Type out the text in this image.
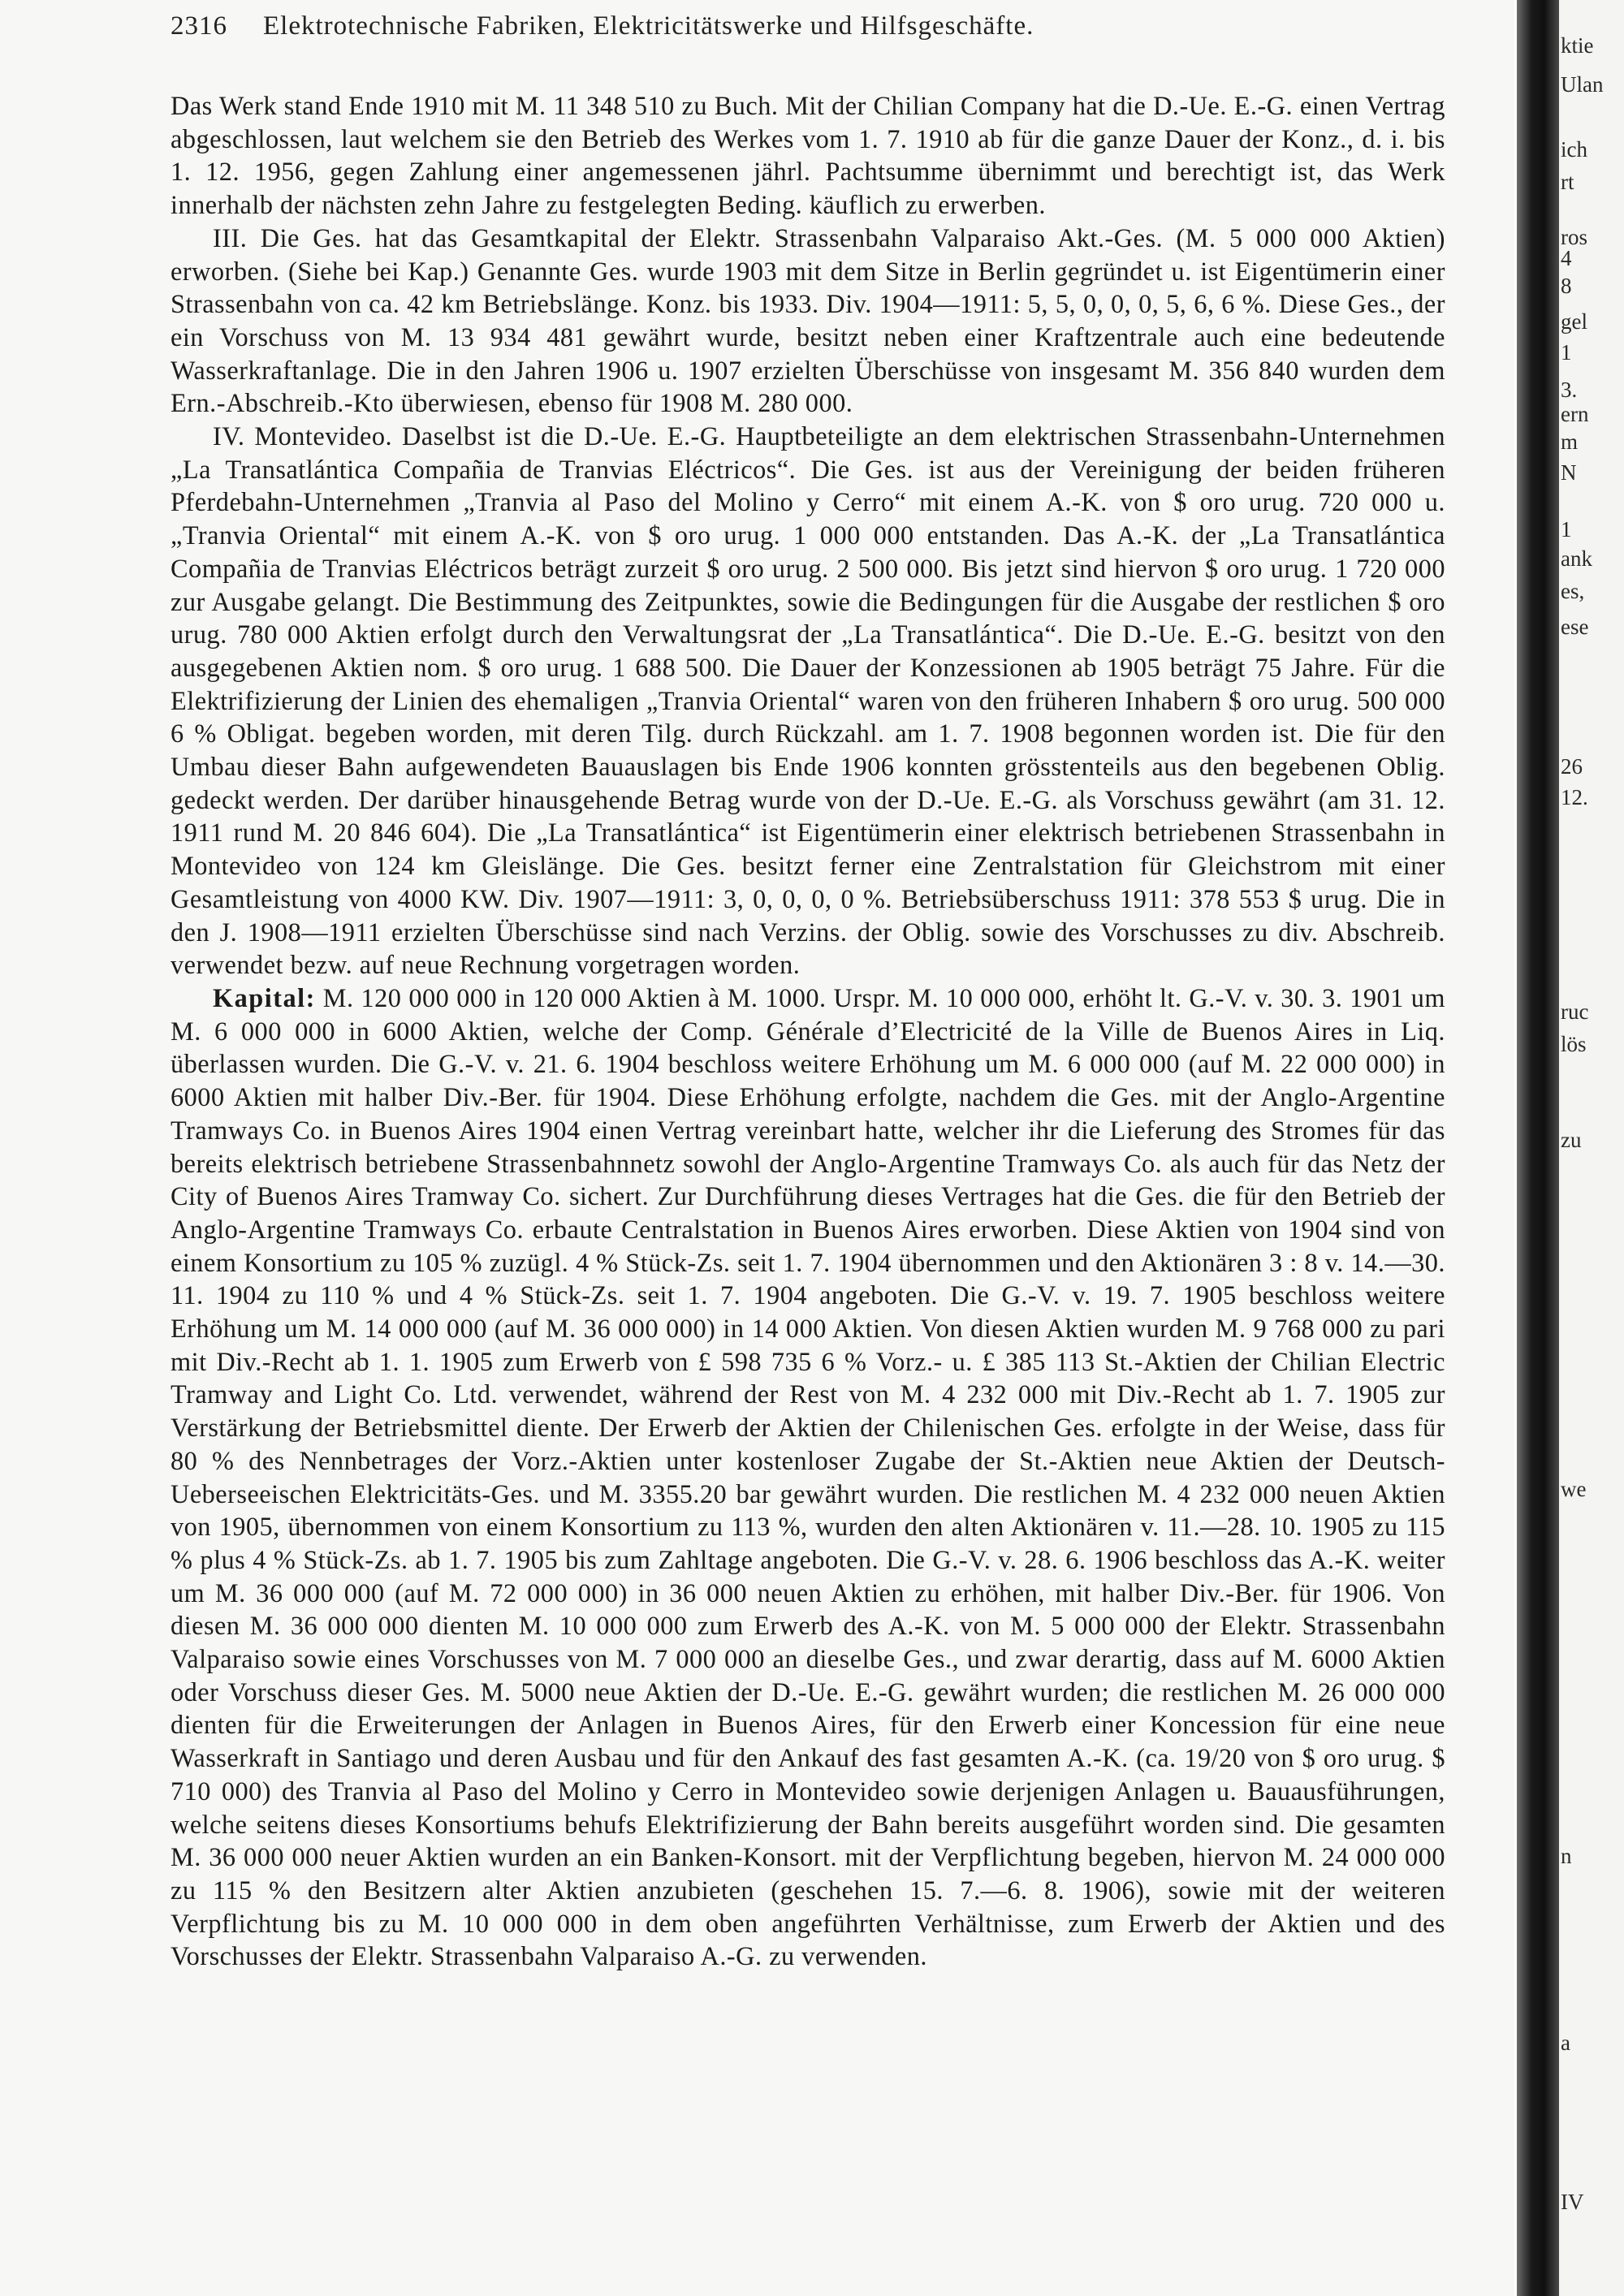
2316 Elektrotechnische Fabriken, Elektricitätswerke und Hilfsgeschäfte.

Das Werk stand Ende 1910 mit M. 11 348 510 zu Buch. Mit der Chilian Company hat die D.-Ue. E.-G. einen Vertrag abgeschlossen, laut welchem sie den Betrieb des Werkes vom 1. 7. 1910 ab für die ganze Dauer der Konz., d. i. bis 1. 12. 1956, gegen Zahlung einer angemessenen jährl. Pachtsumme übernimmt und berechtigt ist, das Werk innerhalb der nächsten zehn Jahre zu festgelegten Beding. käuflich zu erwerben.

III. Die Ges. hat das Gesamtkapital der Elektr. Strassenbahn Valparaiso Akt.-Ges. (M. 5 000 000 Aktien) erworben. (Siehe bei Kap.) Genannte Ges. wurde 1903 mit dem Sitze in Berlin gegründet u. ist Eigentümerin einer Strassenbahn von ca. 42 km Betriebslänge. Konz. bis 1933. Div. 1904—1911: 5, 5, 0, 0, 0, 5, 6, 6 %. Diese Ges., der ein Vorschuss von M. 13 934 481 gewährt wurde, besitzt neben einer Kraftzentrale auch eine bedeutende Wasserkraftanlage. Die in den Jahren 1906 u. 1907 erzielten Überschüsse von insgesamt M. 356 840 wurden dem Ern.-Abschreib.-Kto überwiesen, ebenso für 1908 M. 280 000.

IV. Montevideo. Daselbst ist die D.-Ue. E.-G. Hauptbeteiligte an dem elektrischen Strassenbahn-Unternehmen „La Transatlántica Compañia de Tranvias Eléctricos“. Die Ges. ist aus der Vereinigung der beiden früheren Pferdebahn-Unternehmen „Tranvia al Paso del Molino y Cerro“ mit einem A.-K. von $ oro urug. 720 000 u. „Tranvia Oriental“ mit einem A.-K. von $ oro urug. 1 000 000 entstanden. Das A.-K. der „La Transatlántica Compañia de Tranvias Eléctricos beträgt zurzeit $ oro urug. 2 500 000. Bis jetzt sind hiervon $ oro urug. 1 720 000 zur Ausgabe gelangt. Die Bestimmung des Zeitpunktes, sowie die Bedingungen für die Ausgabe der restlichen $ oro urug. 780 000 Aktien erfolgt durch den Verwaltungsrat der „La Transatlántica“. Die D.-Ue. E.-G. besitzt von den ausgegebenen Aktien nom. $ oro urug. 1 688 500. Die Dauer der Konzessionen ab 1905 beträgt 75 Jahre. Für die Elektrifizierung der Linien des ehemaligen „Tranvia Oriental“ waren von den früheren Inhabern $ oro urug. 500 000 6 % Obligat. begeben worden, mit deren Tilg. durch Rückzahl. am 1. 7. 1908 begonnen worden ist. Die für den Umbau dieser Bahn aufgewendeten Bauauslagen bis Ende 1906 konnten grösstenteils aus den begebenen Oblig. gedeckt werden. Der darüber hinausgehende Betrag wurde von der D.-Ue. E.-G. als Vorschuss gewährt (am 31. 12. 1911 rund M. 20 846 604). Die „La Transatlántica“ ist Eigentümerin einer elektrisch betriebenen Strassenbahn in Montevideo von 124 km Gleislänge. Die Ges. besitzt ferner eine Zentralstation für Gleichstrom mit einer Gesamtleistung von 4000 KW. Div. 1907—1911: 3, 0, 0, 0, 0 %. Betriebsüberschuss 1911: 378 553 $ urug. Die in den J. 1908—1911 erzielten Überschüsse sind nach Verzins. der Oblig. sowie des Vorschusses zu div. Abschreib. verwendet bezw. auf neue Rechnung vorgetragen worden.

Kapital: M. 120 000 000 in 120 000 Aktien à M. 1000. Urspr. M. 10 000 000, erhöht lt. G.-V. v. 30. 3. 1901 um M. 6 000 000 in 6000 Aktien, welche der Comp. Générale d’Electricité de la Ville de Buenos Aires in Liq. überlassen wurden. Die G.-V. v. 21. 6. 1904 beschloss weitere Erhöhung um M. 6 000 000 (auf M. 22 000 000) in 6000 Aktien mit halber Div.-Ber. für 1904. Diese Erhöhung erfolgte, nachdem die Ges. mit der Anglo-Argentine Tramways Co. in Buenos Aires 1904 einen Vertrag vereinbart hatte, welcher ihr die Lieferung des Stromes für das bereits elektrisch betriebene Strassenbahnnetz sowohl der Anglo-Argentine Tramways Co. als auch für das Netz der City of Buenos Aires Tramway Co. sichert. Zur Durchführung dieses Vertrages hat die Ges. die für den Betrieb der Anglo-Argentine Tramways Co. erbaute Centralstation in Buenos Aires erworben. Diese Aktien von 1904 sind von einem Konsortium zu 105 % zuzügl. 4 % Stück-Zs. seit 1. 7. 1904 übernommen und den Aktionären 3 : 8 v. 14.—30. 11. 1904 zu 110 % und 4 % Stück-Zs. seit 1. 7. 1904 angeboten. Die G.-V. v. 19. 7. 1905 beschloss weitere Erhöhung um M. 14 000 000 (auf M. 36 000 000) in 14 000 Aktien. Von diesen Aktien wurden M. 9 768 000 zu pari mit Div.-Recht ab 1. 1. 1905 zum Erwerb von £ 598 735 6 % Vorz.- u. £ 385 113 St.-Aktien der Chilian Electric Tramway and Light Co. Ltd. verwendet, während der Rest von M. 4 232 000 mit Div.-Recht ab 1. 7. 1905 zur Verstärkung der Betriebsmittel diente. Der Erwerb der Aktien der Chilenischen Ges. erfolgte in der Weise, dass für 80 % des Nennbetrages der Vorz.-Aktien unter kostenloser Zugabe der St.-Aktien neue Aktien der Deutsch-Ueberseeischen Elektricitäts-Ges. und M. 3355.20 bar gewährt wurden. Die restlichen M. 4 232 000 neuen Aktien von 1905, übernommen von einem Konsortium zu 113 %, wurden den alten Aktionären v. 11.—28. 10. 1905 zu 115 % plus 4 % Stück-Zs. ab 1. 7. 1905 bis zum Zahltage angeboten. Die G.-V. v. 28. 6. 1906 beschloss das A.-K. weiter um M. 36 000 000 (auf M. 72 000 000) in 36 000 neuen Aktien zu erhöhen, mit halber Div.-Ber. für 1906. Von diesen M. 36 000 000 dienten M. 10 000 000 zum Erwerb des A.-K. von M. 5 000 000 der Elektr. Strassenbahn Valparaiso sowie eines Vorschusses von M. 7 000 000 an dieselbe Ges., und zwar derartig, dass auf M. 6000 Aktien oder Vorschuss dieser Ges. M. 5000 neue Aktien der D.-Ue. E.-G. gewährt wurden; die restlichen M. 26 000 000 dienten für die Erweiterungen der Anlagen in Buenos Aires, für den Erwerb einer Koncession für eine neue Wasserkraft in Santiago und deren Ausbau und für den Ankauf des fast gesamten A.-K. (ca. 19/20 von $ oro urug. $ 710 000) des Tranvia al Paso del Molino y Cerro in Montevideo sowie derjenigen Anlagen u. Bauausführungen, welche seitens dieses Konsortiums behufs Elektrifizierung der Bahn bereits ausgeführt worden sind. Die gesamten M. 36 000 000 neuer Aktien wurden an ein Banken-Konsort. mit der Verpflichtung begeben, hiervon M. 24 000 000 zu 115 % den Besitzern alter Aktien anzubieten (geschehen 15. 7.—6. 8. 1906), sowie mit der weiteren Verpflichtung bis zu M. 10 000 000 in dem oben angeführten Verhältnisse, zum Erwerb der Aktien und des Vorschusses der Elektr. Strassenbahn Valparaiso A.-G. zu verwenden.

ktie
Ulan
ich
rt
ros
4
8
gel
1
3.
ern
m
N
1
ank
es,
ese
26
12.
ruc
lös
zu
we
n
a
IV
